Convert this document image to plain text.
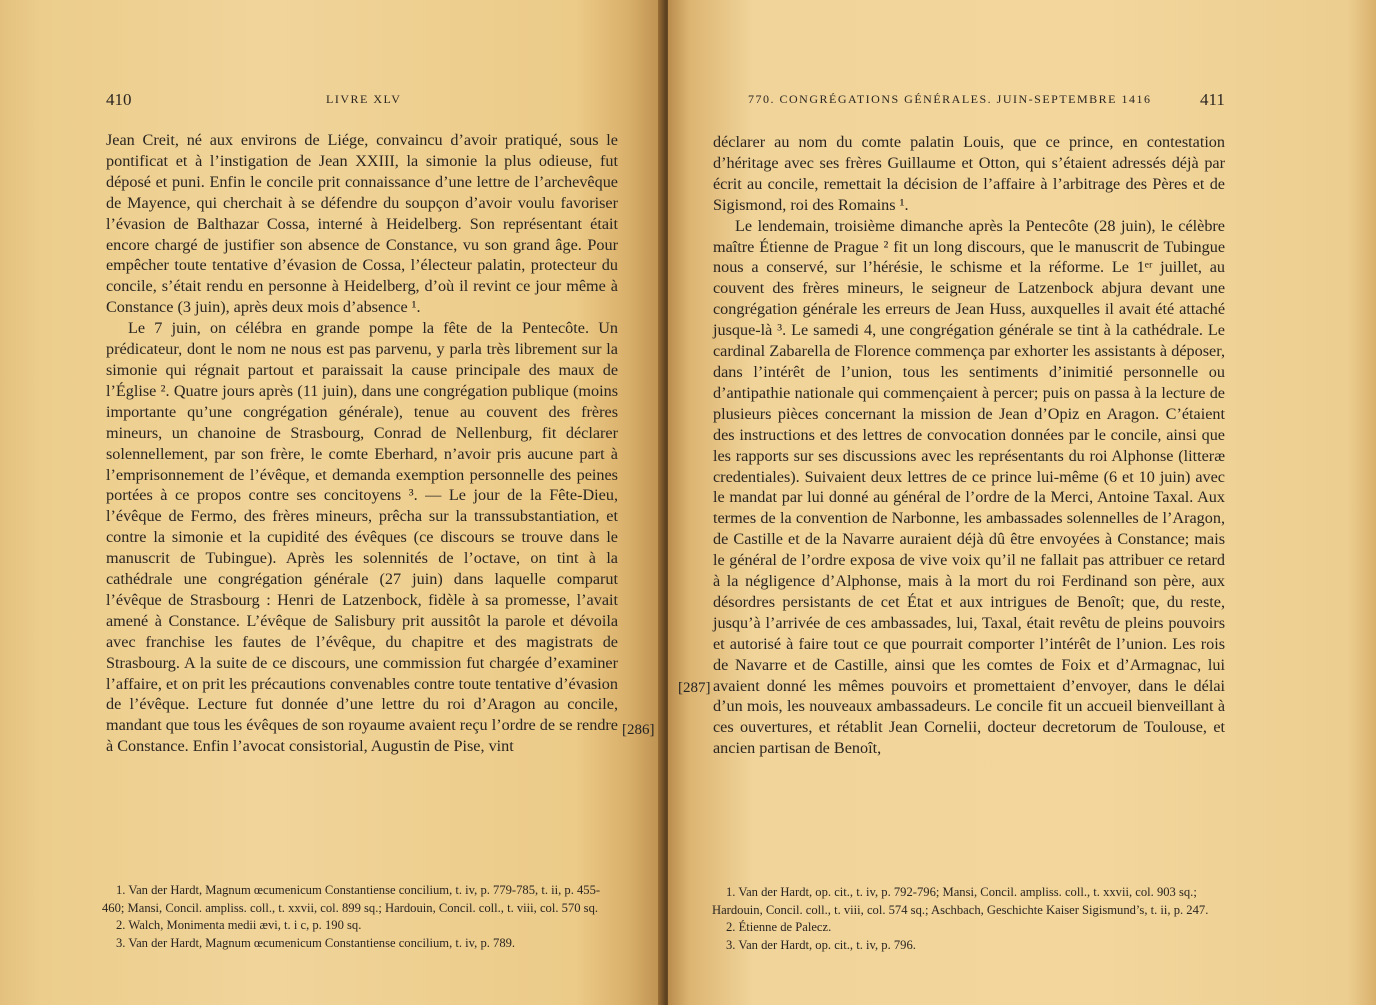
410	LIVRE XLV

Jean Creit, né aux environs de Liége, convaincu d’avoir pratiqué, sous le pontificat et à l’instigation de Jean XXIII, la simonie la plus odieuse, fut déposé et puni. Enfin le concile prit connaissance d’une lettre de l’archevêque de Mayence, qui cherchait à se défendre du soupçon d’avoir voulu favoriser l’évasion de Balthazar Cossa, interné à Heidelberg. Son représentant était encore chargé de justifier son absence de Constance, vu son grand âge. Pour empêcher toute tentative d’évasion de Cossa, l’électeur palatin, protecteur du concile, s’était rendu en personne à Heidelberg, d’où il revint ce jour même à Constance (3 juin), après deux mois d’absence ¹.

Le 7 juin, on célébra en grande pompe la fête de la Pentecôte. Un prédicateur, dont le nom ne nous est pas parvenu, y parla très librement sur la simonie qui régnait partout et paraissait la cause principale des maux de l’Église ². Quatre jours après (11 juin), dans une congrégation publique (moins importante qu’une congrégation générale), tenue au couvent des frères mineurs, un chanoine de Strasbourg, Conrad de Nellenburg, fit déclarer solennellement, par son frère, le comte Eberhard, n’avoir pris aucune part à l’emprisonnement de l’évêque, et demanda exemption personnelle des peines portées à ce propos contre ses concitoyens ³. — Le jour de la Fête-Dieu, l’évêque de Fermo, des frères mineurs, prêcha sur la transsubstantiation, et contre la simonie et la cupidité des évêques (ce discours se trouve dans le manuscrit de Tubingue). Après les solennités de l’octave, on tint à la cathédrale une congrégation générale (27 juin) dans laquelle comparut l’évêque de Strasbourg : Henri de Latzenbock, fidèle à sa promesse, l’avait amené à Constance. L’évêque de Salisbury prit aussitôt la parole et dévoila avec franchise les fautes de l’évêque, du chapitre et des magistrats de Strasbourg. A la suite de ce discours, une commission fut chargée d’examiner l’affaire, et on prit les précautions convenables contre toute tentative d’évasion de l’évêque. Lecture fut donnée d’une lettre du roi d’Aragon au concile, mandant que tous les évêques de son royaume avaient reçu l’ordre de se rendre à Constance. Enfin l’avocat consistorial, Augustin de Pise, vint

1. Van der Hardt, Magnum œcumenicum Constantiense concilium, t. iv, p. 779-785, t. ii, p. 455-460; Mansi, Concil. ampliss. coll., t. xxvii, col. 899 sq.; Hardouin, Concil. coll., t. viii, col. 570 sq.

2. Walch, Monimenta medii ævi, t. i c, p. 190 sq.

3. Van der Hardt, Magnum œcumenicum Constantiense concilium, t. iv, p. 789.

[286]
770. CONGRÉGATIONS GÉNÉRALES. JUIN-SEPTEMBRE 1416	411

déclarer au nom du comte palatin Louis, que ce prince, en contestation d’héritage avec ses frères Guillaume et Otton, qui s’étaient adressés déjà par écrit au concile, remettait la décision de l’affaire à l’arbitrage des Pères et de Sigismond, roi des Romains ¹.

Le lendemain, troisième dimanche après la Pentecôte (28 juin), le célèbre maître Étienne de Prague ² fit un long discours, que le manuscrit de Tubingue nous a conservé, sur l’hérésie, le schisme et la réforme. Le 1ᵉʳ juillet, au couvent des frères mineurs, le seigneur de Latzenbock abjura devant une congrégation générale les erreurs de Jean Huss, auxquelles il avait été attaché jusque-là ³. Le samedi 4, une congrégation générale se tint à la cathédrale. Le cardinal Zabarella de Florence commença par exhorter les assistants à déposer, dans l’intérêt de l’union, tous les sentiments d’inimitié personnelle ou d’antipathie nationale qui commençaient à percer; puis on passa à la lecture de plusieurs pièces concernant la mission de Jean d’Opiz en Aragon. C’étaient des instructions et des lettres de convocation données par le concile, ainsi que les rapports sur ses discussions avec les représentants du roi Alphonse (litteræ credentiales). Suivaient deux lettres de ce prince lui-même (6 et 10 juin) avec le mandat par lui donné au général de l’ordre de la Merci, Antoine Taxal. Aux termes de la convention de Narbonne, les ambassades solennelles de l’Aragon, de Castille et de la Navarre auraient déjà dû être envoyées à Constance; mais le général de l’ordre exposa de vive voix qu’il ne fallait pas attribuer ce retard à la négligence d’Alphonse, mais à la mort du roi Ferdinand son père, aux désordres persistants de cet État et aux intrigues de Benoît; que, du reste, jusqu’à l’arrivée de ces ambassades, lui, Taxal, était revêtu de pleins pouvoirs et autorisé à faire tout ce que pourrait comporter l’intérêt de l’union. Les rois de Navarre et de Castille, ainsi que les comtes de Foix et d’Armagnac, lui avaient donné les mêmes pouvoirs et promettaient d’envoyer, dans le délai d’un mois, les nouveaux ambassadeurs. Le concile fit un accueil bienveillant à ces ouvertures, et rétablit Jean Cornelii, docteur decretorum de Toulouse, et ancien partisan de Benoît,

1. Van der Hardt, op. cit., t. iv, p. 792-796; Mansi, Concil. ampliss. coll., t. xxvii, col. 903 sq.; Hardouin, Concil. coll., t. viii, col. 574 sq.; Aschbach, Geschichte Kaiser Sigismund’s, t. ii, p. 247.

2. Étienne de Palecz.

3. Van der Hardt, op. cit., t. iv, p. 796.

[287]
